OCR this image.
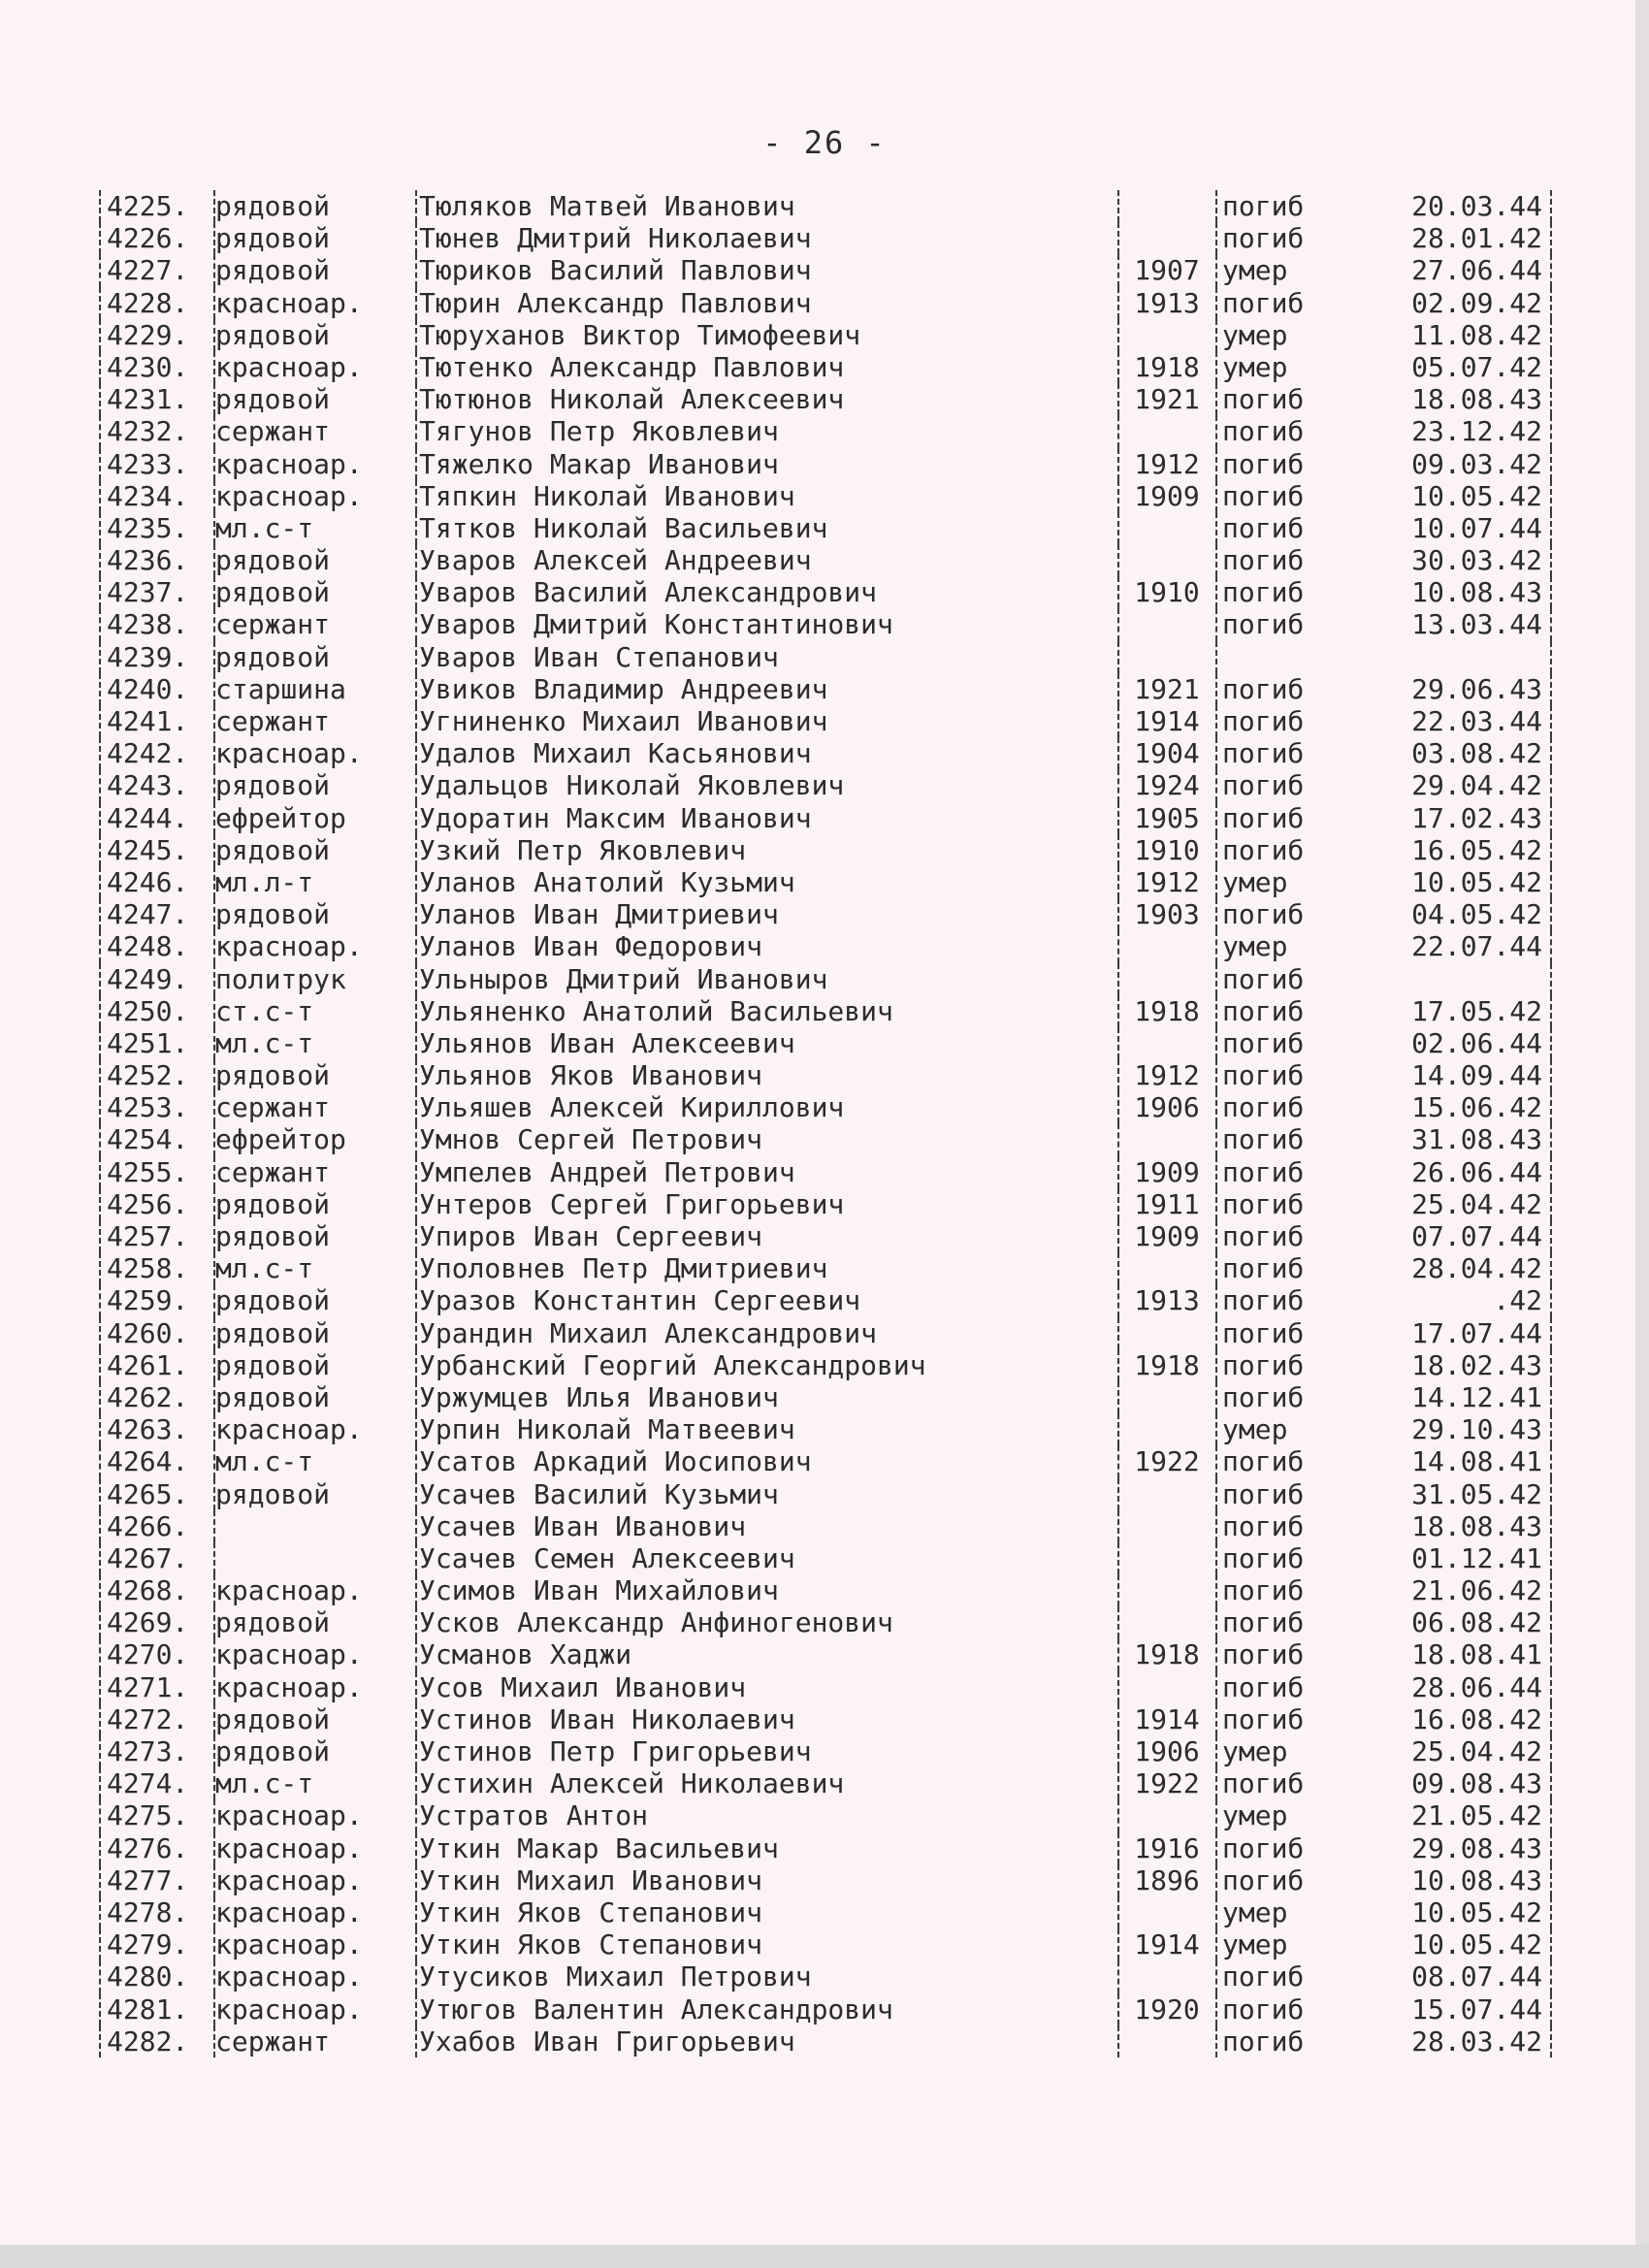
- 26 -
4225. рядовой	Тюляков Матвей Иванович	погиб	20.03.44
4226. рядовой	Тюнев Дмитрий Николаевич	погиб	28.01.42
4227. рядовой	Тюриков Василий Павлович	1907 умер	27.06.44
4228. красноар.	Тюрин Александр Павлович	1913 погиб	02.09.42
4229. рядовой	Тюруханов Виктор Тимофеевич	умер	11.08.42
4230. красноар.	Тютенко Александр Павлович	1918 умер	05.07.42
4231. рядовой	Тютюнов Николай Алексеевич	1921 погиб	18.08.43
4232. сержант	Тягунов Петр Яковлевич	погиб	23.12.42
4233. красноар.	Тяжелко Макар Иванович	1912 погиб	09.03.42
4234. красноар.	Тяпкин Николай Иванович	1909 погиб	10.05.42
4235. мл.с-т	Тятков Николай Васильевич	погиб	10.07.44
4236. рядовой	Уваров Алексей Андреевич	погиб	30.03.42
4237. рядовой	Уваров Василий Александрович	1910 погиб	10.08.43
4238. сержант	Уваров Дмитрий Константинович	погиб	13.03.44
4239. рядовой	Уваров Иван Степанович
4240. старшина	Увиков Владимир Андреевич	1921 погиб	29.06.43
4241. сержант	Угниненко Михаил Иванович	1914 погиб	22.03.44
4242. красноар.	Удалов Михаил Касьянович	1904 погиб	03.08.42
4243. рядовой	Удальцов Николай Яковлевич	1924 погиб	29.04.42
4244. ефрейтор	Удоратин Максим Иванович	1905 погиб	17.02.43
4245. рядовой	Узкий Петр Яковлевич	1910 погиб	16.05.42
4246. мл.л-т	Уланов Анатолий Кузьмич	1912 умер	10.05.42
4247. рядовой	Уланов Иван Дмитриевич	1903 погиб	04.05.42
4248. красноар.	Уланов Иван Федорович	умер	22.07.44
4249. политрук	Ульныров Дмитрий Иванович	погиб
4250. ст.с-т	Ульяненко Анатолий Васильевич	1918 погиб	17.05.42
4251. мл.с-т	Ульянов Иван Алексеевич	погиб	02.06.44
4252. рядовой	Ульянов Яков Иванович	1912 погиб	14.09.44
4253. сержант	Ульяшев Алексей Кириллович	1906 погиб	15.06.42
4254. ефрейтор	Умнов Сергей Петрович	погиб	31.08.43
4255. сержант	Умпелев Андрей Петрович	1909 погиб	26.06.44
4256. рядовой	Унтеров Сергей Григорьевич	1911 погиб	25.04.42
4257. рядовой	Упиров Иван Сергеевич	1909 погиб	07.07.44
4258. мл.с-т	Уполовнев Петр Дмитриевич	погиб	28.04.42
4259. рядовой	Уразов Константин Сергеевич	1913 погиб	.42
4260. рядовой	Урандин Михаил Александрович	погиб	17.07.44
4261. рядовой	Урбанский Георгий Александрович	1918 погиб	18.02.43
4262. рядовой	Уржумцев Илья Иванович	погиб	14.12.41
4263. красноар.	Урпин Николай Матвеевич	умер	29.10.43
4264. мл.с-т	Усатов Аркадий Иосипович	1922 погиб	14.08.41
4265. рядовой	Усачев Василий Кузьмич	погиб	31.05.42
4266.	Усачев Иван Иванович	погиб	18.08.43
4267.	Усачев Семен Алексеевич	погиб	01.12.41
4268. красноар.	Усимов Иван Михайлович	погиб	21.06.42
4269. рядовой	Усков Александр Анфиногенович	погиб	06.08.42
4270. красноар.	Усманов Хаджи	1918 погиб	18.08.41
4271. красноар.	Усов Михаил Иванович	погиб	28.06.44
4272. рядовой	Устинов Иван Николаевич	1914 погиб	16.08.42
4273. рядовой	Устинов Петр Григорьевич	1906 умер	25.04.42
4274. мл.с-т	Устихин Алексей Николаевич	1922 погиб	09.08.43
4275. красноар.	Устратов Антон	умер	21.05.42
4276. красноар.	Уткин Макар Васильевич	1916 погиб	29.08.43
4277. красноар.	Уткин Михаил Иванович	1896 погиб	10.08.43
4278. красноар.	Уткин Яков Степанович	умер	10.05.42
4279. красноар.	Уткин Яков Степанович	1914 умер	10.05.42
4280. красноар.	Утусиков Михаил Петрович	погиб	08.07.44
4281. красноар.	Утюгов Валентин Александрович	1920 погиб	15.07.44
4282. сержант	Ухабов Иван Григорьевич	погиб	28.03.42
